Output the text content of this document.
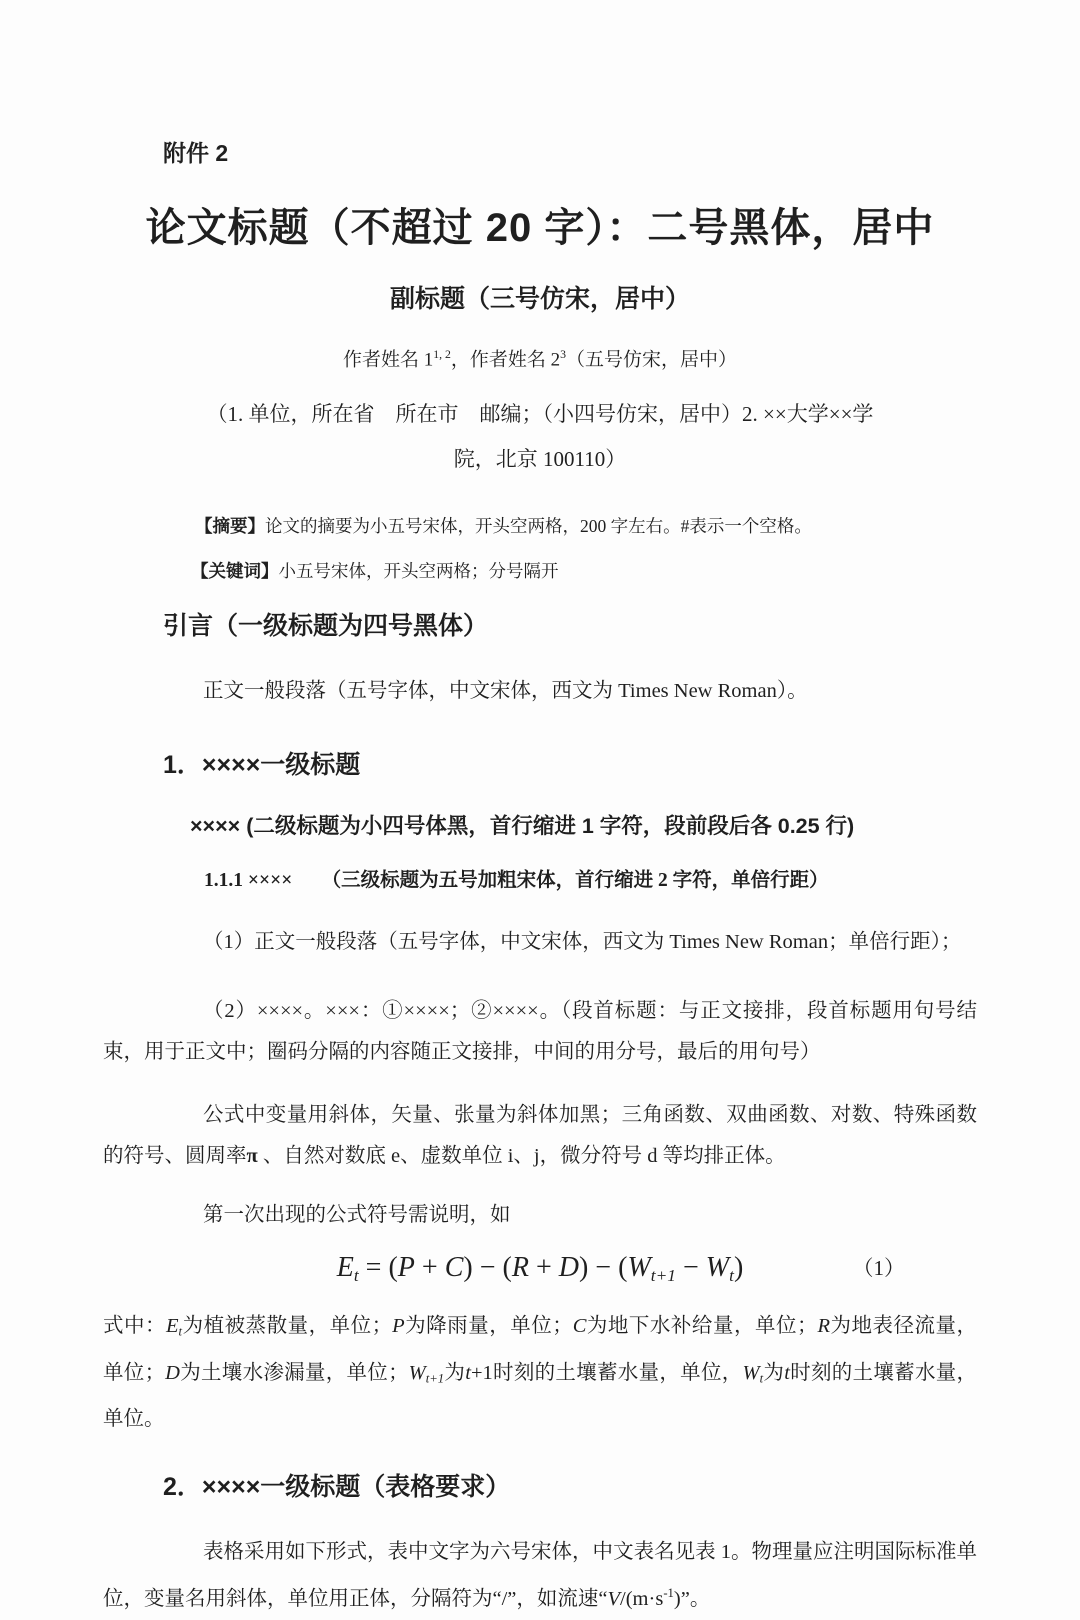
附件 2

论文标题（不超过 20 字）：二号黑体，居中
副标题（三号仿宋，居中）

作者姓名 1$^{1, 2}$，作者姓名 $2^3$（五号仿宋，居中）

（1. 单位，所在省　所在市　邮编；（小四号仿宋，居中）2. ××大学××学
院，北京 100110）

【摘要】论文的摘要为小五号宋体，开头空两格，200 字左右。#表示一个空格。

【关键词】小五号宋体，开头空两格；分号隔开

引言（一级标题为四号黑体）

正文一般段落（五号字体，中文宋体，西文为 Times New Roman）。

1．××××一级标题
×××× (二级标题为小四号体黑，首行缩进 1 字符，段前段后各 0.25 行)
1.1.1 ××××　　（三级标题为五号加粗宋体，首行缩进 2 字符，单倍行距）

（1）正文一般段落（五号字体，中文宋体，西文为 Times New Roman；单倍行距）；

（2）××××。×××：①××××；②××××。（段首标题：与正文接排，段首标题用句号结束，用于正文中；圈码分隔的内容随正文接排，中间的用分号，最后的用句号）

公式中变量用斜体，矢量、张量为斜体加黑；三角函数、双曲函数、对数、特殊函数的符号、圆周率π 、自然对数底 e、虚数单位 i、j，微分符号 d 等均排正体。

第一次出现的公式符号需说明，如

Et = (P + C) − (R + D) − (Wt+1 − Wt)	（1）

式中：Et为植被蒸散量，单位；P为降雨量，单位；C为地下水补给量，单位；R为地表径流量，单位；D为土壤水渗漏量，单位；Wt+1为t+1时刻的土壤蓄水量，单位，Wt为t时刻的土壤蓄水量，单位。

2．××××一级标题（表格要求）

表格采用如下形式，表中文字为六号宋体，中文表名见表 1。物理量应注明国际标准单位，变量名用斜体，单位用正体，分隔符为“/”，如流速“$V/(m\cdot s^{-1})$”。
